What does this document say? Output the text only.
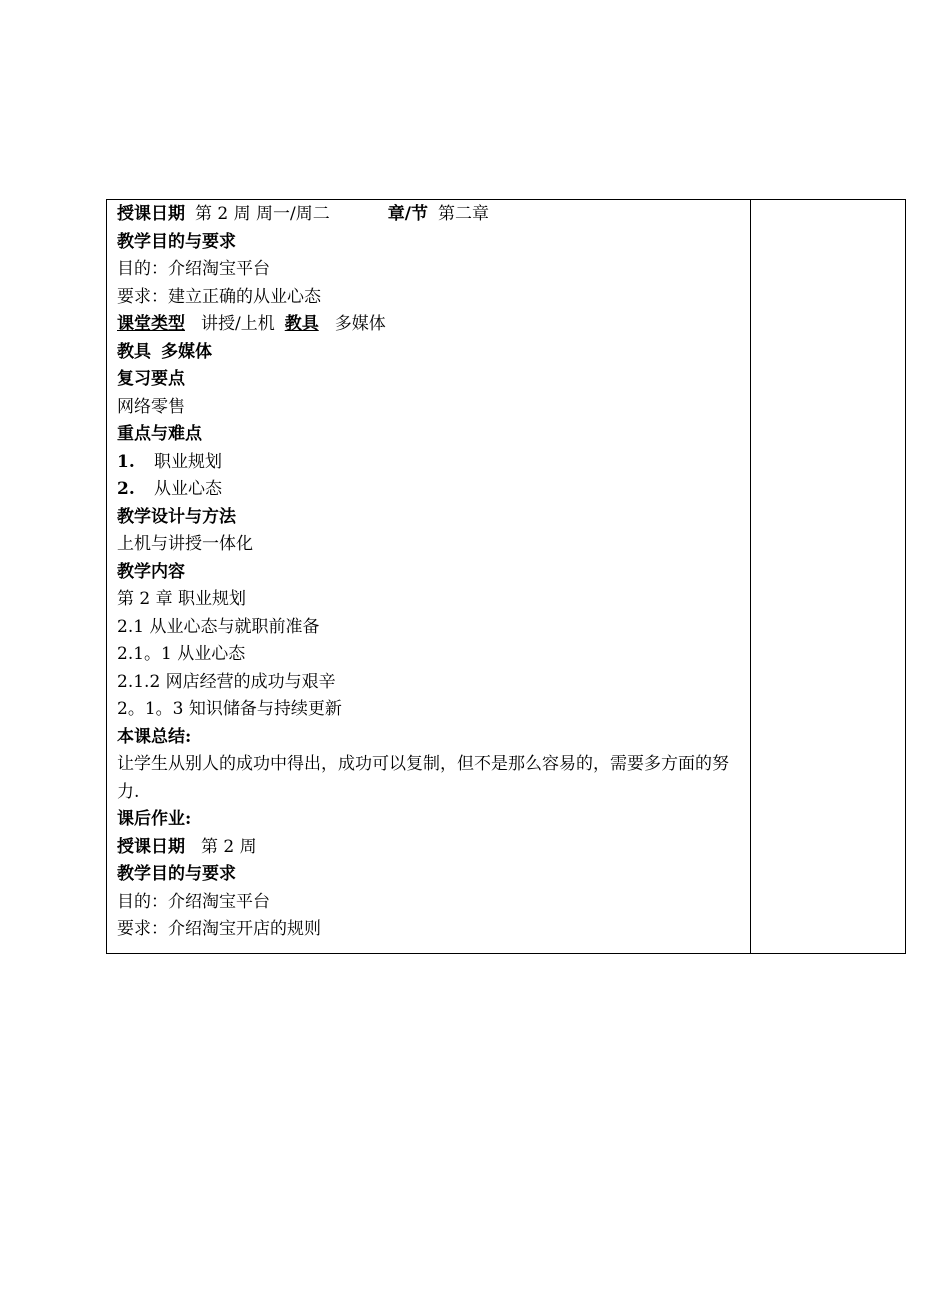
授课日期 第 2 周 周一/周二	章/节 第二章
教学目的与要求
目的：介绍淘宝平台
要求：建立正确的从业心态
课堂类型 讲授/上机 教具 多媒体
教具 多媒体
复习要点
网络零售
重点与难点
1. 职业规划
2. 从业心态
教学设计与方法
上机与讲授一体化
教学内容
第 2 章 职业规划
2.1 从业心态与就职前准备
2.1。1 从业心态
2.1.2 网店经营的成功与艰辛
2。1。3 知识储备与持续更新
本课总结:
让学生从别人的成功中得出，成功可以复制，但不是那么容易的，需要多方面的努力.
课后作业:
授课日期 第 2 周
教学目的与要求
目的：介绍淘宝平台
要求：介绍淘宝开店的规则
